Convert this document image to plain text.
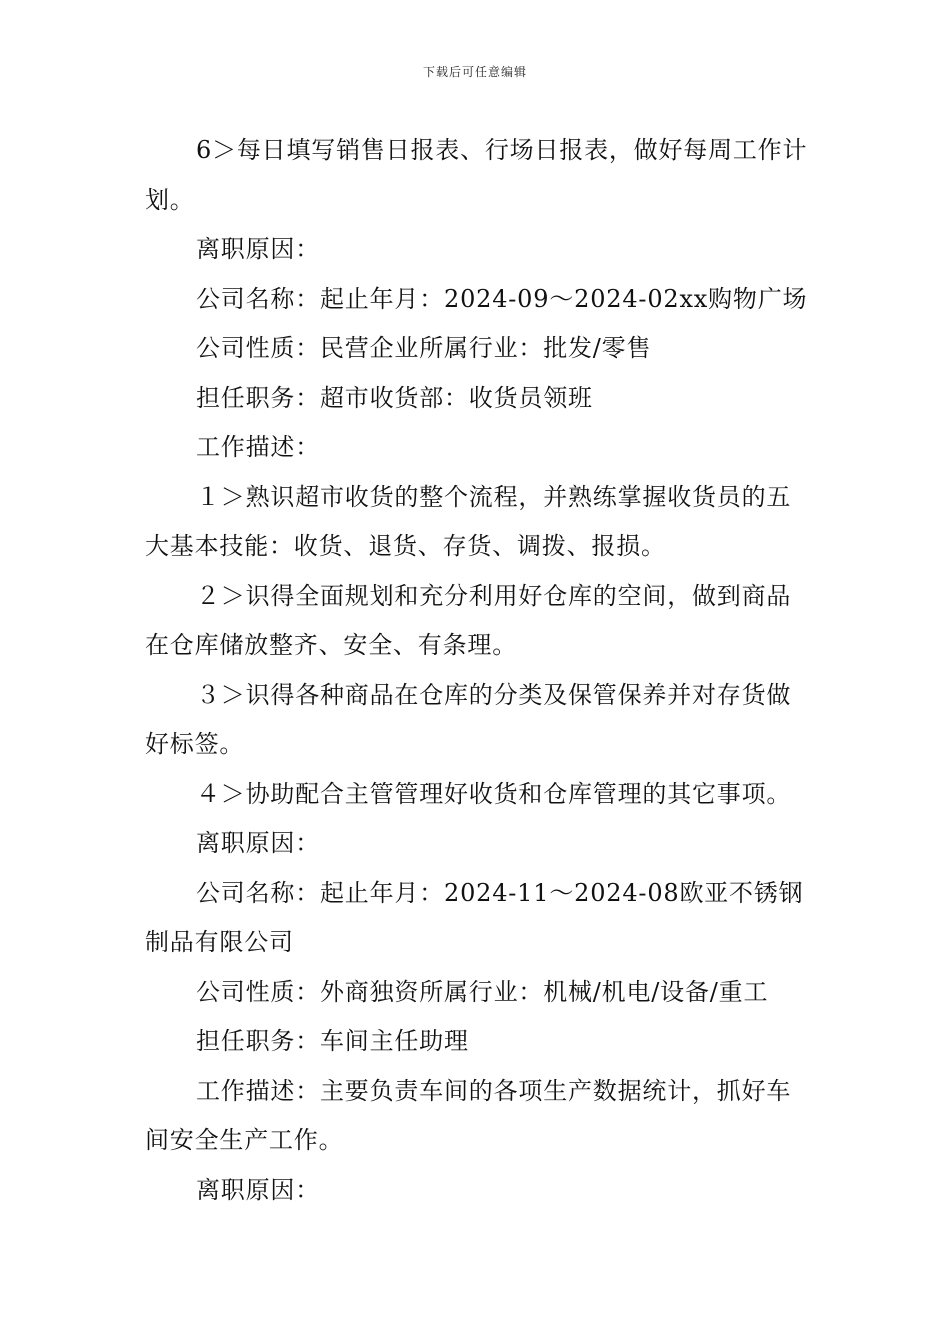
下载后可任意编辑

6＞每日填写销售日报表、行场日报表，做好每周工作计划。

离职原因：

公司名称：起止年月：2024-09～2024-02xx购物广场

公司性质：民营企业所属行业：批发/零售

担任职务：超市收货部：收货员领班

工作描述：

１＞熟识超市收货的整个流程，并熟练掌握收货员的五大基本技能：收货、退货、存货、调拨、报损。

２＞识得全面规划和充分利用好仓库的空间，做到商品在仓库储放整齐、安全、有条理。

３＞识得各种商品在仓库的分类及保管保养并对存货做好标签。

４＞协助配合主管管理好收货和仓库管理的其它事项。

离职原因：

公司名称：起止年月：2024-11～2024-08欧亚不锈钢制品有限公司

公司性质：外商独资所属行业：机械/机电/设备/重工

担任职务：车间主任助理

工作描述：主要负责车间的各项生产数据统计，抓好车间安全生产工作。

离职原因：
